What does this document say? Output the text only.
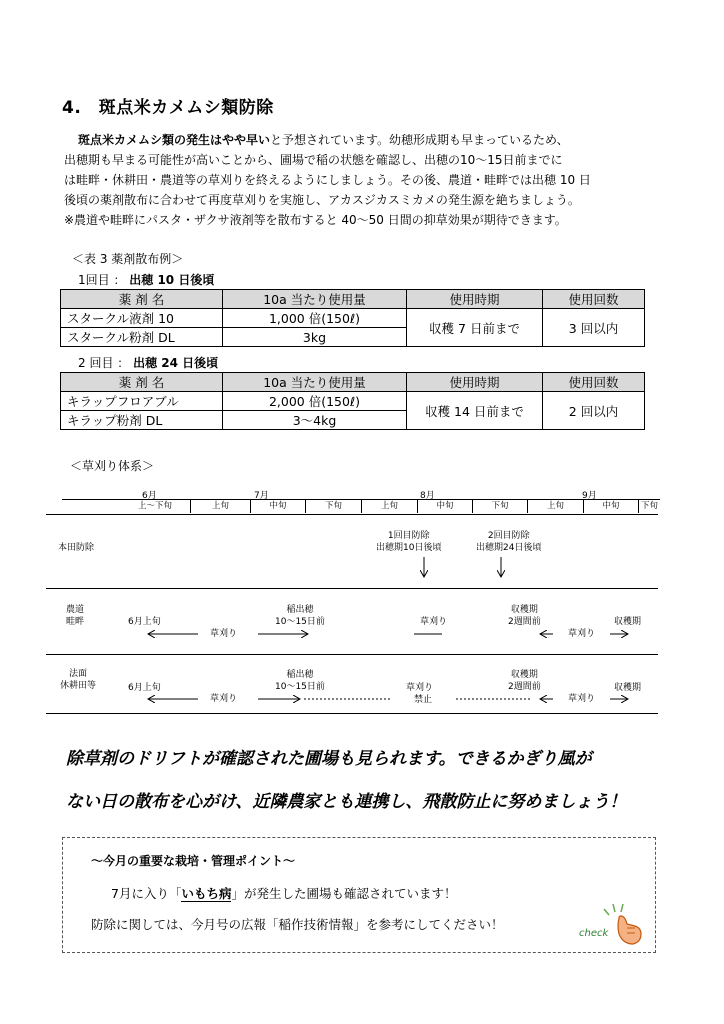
4.　斑点米カメムシ類防除
斑点米カメムシ類の発生はやや早いと予想されています。幼穂形成期も早まっているため、
出穂期も早まる可能性が高いことから、圃場で稲の状態を確認し、出穂の10～15日前までに
は畦畔・休耕田・農道等の草刈りを終えるようにしましょう。その後、農道・畦畔では出穂 10 日
後頃の薬剤散布に合わせて再度草刈りを実施し、アカスジカスミカメの発生源を絶ちましょう。
※農道や畦畔にパスタ・ザクサ液剤等を散布すると 40～50 日間の抑草効果が期待できます。
＜表 3 薬剤散布例＞
1回目 ： 出穂 10 日後頃
薬 剤 名	10a 当たり使用量	使用時期	使用回数
スタークル液剤 10	1,000 倍(150ℓ)	収穫 7 日前まで	3 回以内
スタークル粉剤 DL	3kg		
2 回目 ： 出穂 24 日後頃
薬 剤 名	10a 当たり使用量	使用時期	使用回数
キラップフロアブル	2,000 倍(150ℓ)	収穫 14 日前まで	2 回以内
キラップ粉剤 DL	3～4kg		
＜草刈り体系＞
6月	7月	8月	9月
上～下旬	上旬	中旬	下旬	上旬	中旬	下旬	上旬	中旬	下旬
本田防除
1回目防除
出穂期10日後頃
2回目防除
出穂期24日後頃
農道
畦畔	6月上旬
草刈り
稲出穂
10～15日前	草刈り
収穫期
2週間前
草刈り
収穫期
法面
休耕田等	6月上旬
草刈り
稲出穂
10～15日前	草刈り
禁止
収穫期
2週間前
草刈り
収穫期
除草剤のドリフトが確認された圃場も見られます。できるかぎり風が
ない日の散布を心がけ、近隣農家とも連携し、飛散防止に努めましょう！
～今月の重要な栽培・管理ポイント～
7月に入り「いもち病」が発生した圃場も確認されています！
防除に関しては、今月号の広報「稲作技術情報」を参考にしてください！
check
